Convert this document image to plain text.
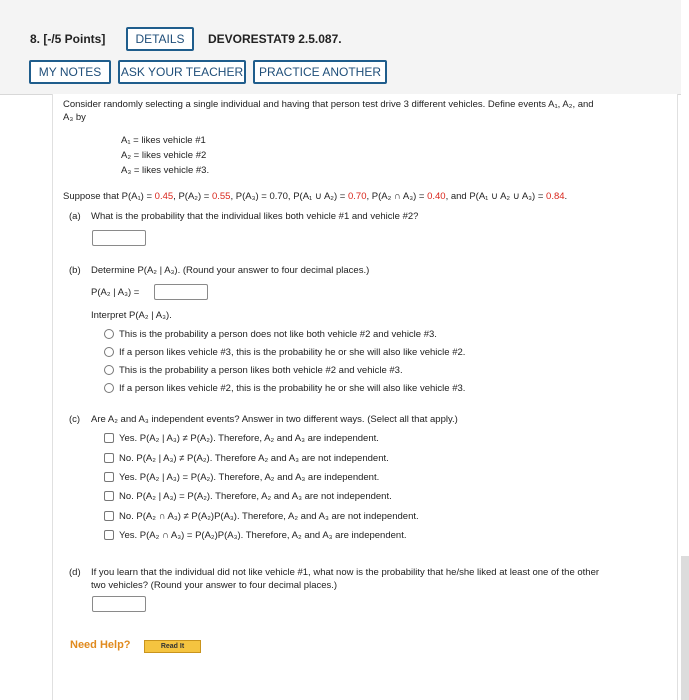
8. [-/5 Points]	DETAILS	DEVORESTAT9 2.5.087.
MY NOTES	ASK YOUR TEACHER	PRACTICE ANOTHER
Consider randomly selecting a single individual and having that person test drive 3 different vehicles. Define events A₁, A₂, and
A₃ by
A₁ = likes vehicle #1
A₂ = likes vehicle #2
A₃ = likes vehicle #3.
Suppose that P(A₁) = 0.45, P(A₂) = 0.55, P(A₃) = 0.70, P(A₁ ∪ A₂) = 0.70, P(A₂ ∩ A₃) = 0.40, and P(A₁ ∪ A₂ ∪ A₃) = 0.84.
(a) What is the probability that the individual likes both vehicle #1 and vehicle #2?
(b) Determine P(A₂ | A₃). (Round your answer to four decimal places.)
P(A₂ | A₃) =
Interpret P(A₂ | A₃).
This is the probability a person does not like both vehicle #2 and vehicle #3.
If a person likes vehicle #3, this is the probability he or she will also like vehicle #2.
This is the probability a person likes both vehicle #2 and vehicle #3.
If a person likes vehicle #2, this is the probability he or she will also like vehicle #3.
(c) Are A₂ and A₃ independent events? Answer in two different ways. (Select all that apply.)
Yes. P(A₂ | A₃) ≠ P(A₂). Therefore, A₂ and A₃ are independent.
No. P(A₂ | A₃) ≠ P(A₂). Therefore A₂ and A₃ are not independent.
Yes. P(A₂ | A₃) = P(A₂). Therefore, A₂ and A₃ are independent.
No. P(A₂ | A₃) = P(A₂). Therefore, A₂ and A₃ are not independent.
No. P(A₂ ∩ A₃) ≠ P(A₂)P(A₃). Therefore, A₂ and A₃ are not independent.
Yes. P(A₂ ∩ A₃) = P(A₂)P(A₃). Therefore, A₂ and A₃ are independent.
(d) If you learn that the individual did not like vehicle #1, what now is the probability that he/she liked at least one of the other
two vehicles? (Round your answer to four decimal places.)
Need Help?	Read It
